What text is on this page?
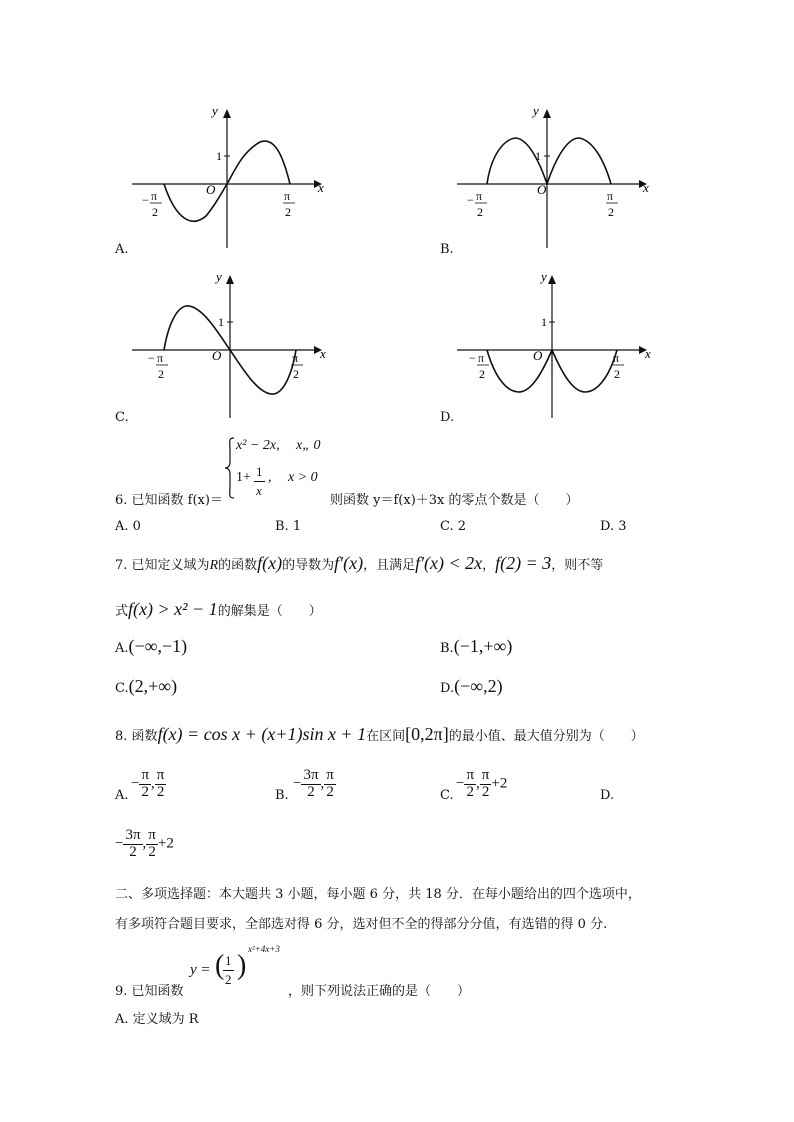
y
x
O
1
− π
2
π
2
A.
y
x
O
1
− π
2
π
2
B.
y
x
O
1
− π
2
π
2
C.
y
x
O
1
− π
2
π
2
D.
x² − 2x, x„ 0
1+ 1
x
, x > 0
6. 已知函数 f(x)＝	则函数 y＝f(x)＋3x 的零点个数是（　　）
A. 0	B. 1	C. 2	D. 3
7. 已知定义域为R的函数f(x)的导数为f′(x)，且满足f′(x) < 2x，f(2) = 3，则不等
式f(x) > x² − 1的解集是（　　）
A.(−∞,−1)	B.(−1,+∞)
C.(2,+∞)	D.(−∞,2)
8. 函数f(x) = cos x + (x+1)sin x + 1在区间[0,2π]的最小值、最大值分别为（　　）
A.
− $\frac{\pi}{2}$ , $\frac{\pi}{2}$	B.
− $\frac{3\pi}{2}$ , $\frac{\pi}{2}$	C.
− $\frac{\pi}{2}$ , $\frac{\pi}{2} +2$
D.
− $\frac{3\pi}{2}$ , $\frac{\pi}{2} +2$
二、多项选择题：本大题共 3 小题，每小题 6 分，共 18 分．在每小题给出的四个选项中，
有多项符合题目要求，全部选对得 6 分，选对但不全的得部分分值，有选错的得 0 分.
9. 已知函数
y = ( 1
2 )
x²+4x+3
，则下列说法正确的是（　　）
A. 定义域为 R
